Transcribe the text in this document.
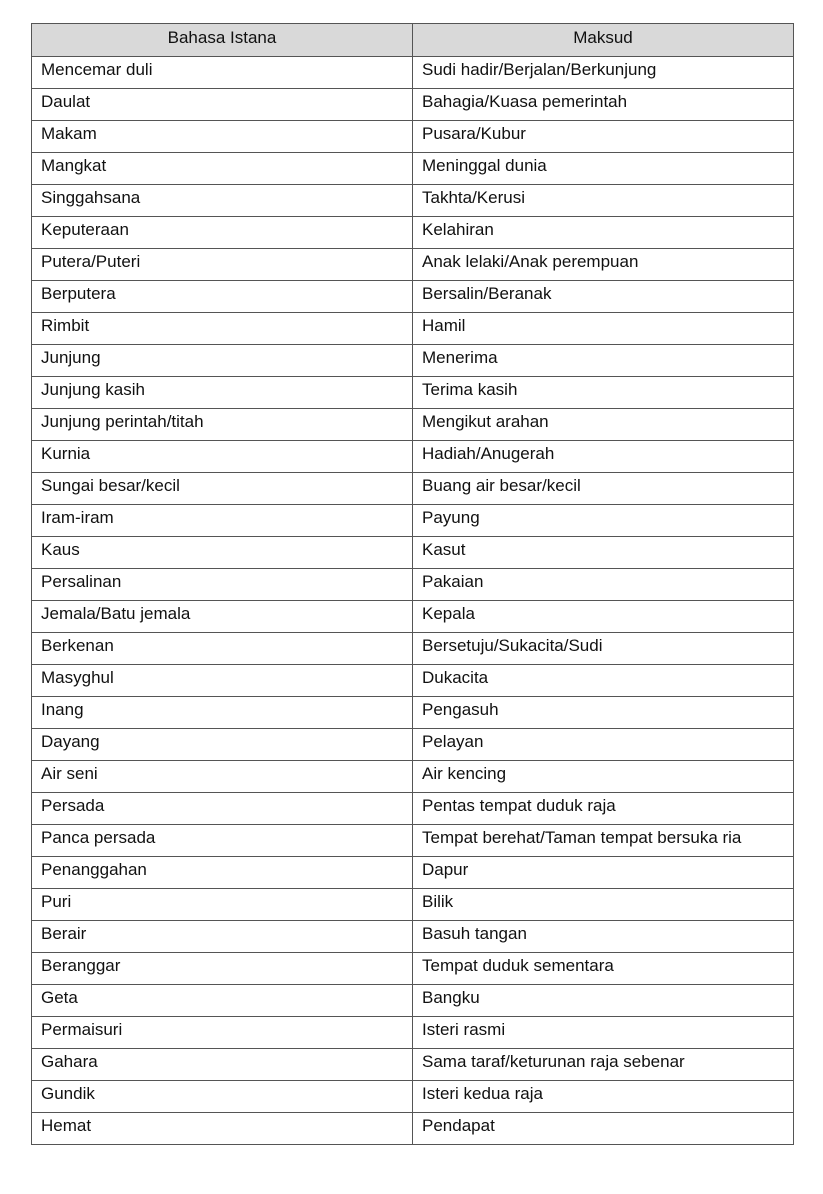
Bahasa Istana	Maksud
Mencemar duli	Sudi hadir/Berjalan/Berkunjung
Daulat	Bahagia/Kuasa pemerintah
Makam	Pusara/Kubur
Mangkat	Meninggal dunia
Singgahsana	Takhta/Kerusi
Keputeraan	Kelahiran
Putera/Puteri	Anak lelaki/Anak perempuan
Berputera	Bersalin/Beranak
Rimbit	Hamil
Junjung	Menerima
Junjung kasih	Terima kasih
Junjung perintah/titah	Mengikut arahan
Kurnia	Hadiah/Anugerah
Sungai besar/kecil	Buang air besar/kecil
Iram-iram	Payung
Kaus	Kasut
Persalinan	Pakaian
Jemala/Batu jemala	Kepala
Berkenan	Bersetuju/Sukacita/Sudi
Masyghul	Dukacita
Inang	Pengasuh
Dayang	Pelayan
Air seni	Air kencing
Persada	Pentas tempat duduk raja
Panca persada	Tempat berehat/Taman tempat bersuka ria
Penanggahan	Dapur
Puri	Bilik
Berair	Basuh tangan
Beranggar	Tempat duduk sementara
Geta	Bangku
Permaisuri	Isteri rasmi
Gahara	Sama taraf/keturunan raja sebenar
Gundik	Isteri kedua raja
Hemat	Pendapat
